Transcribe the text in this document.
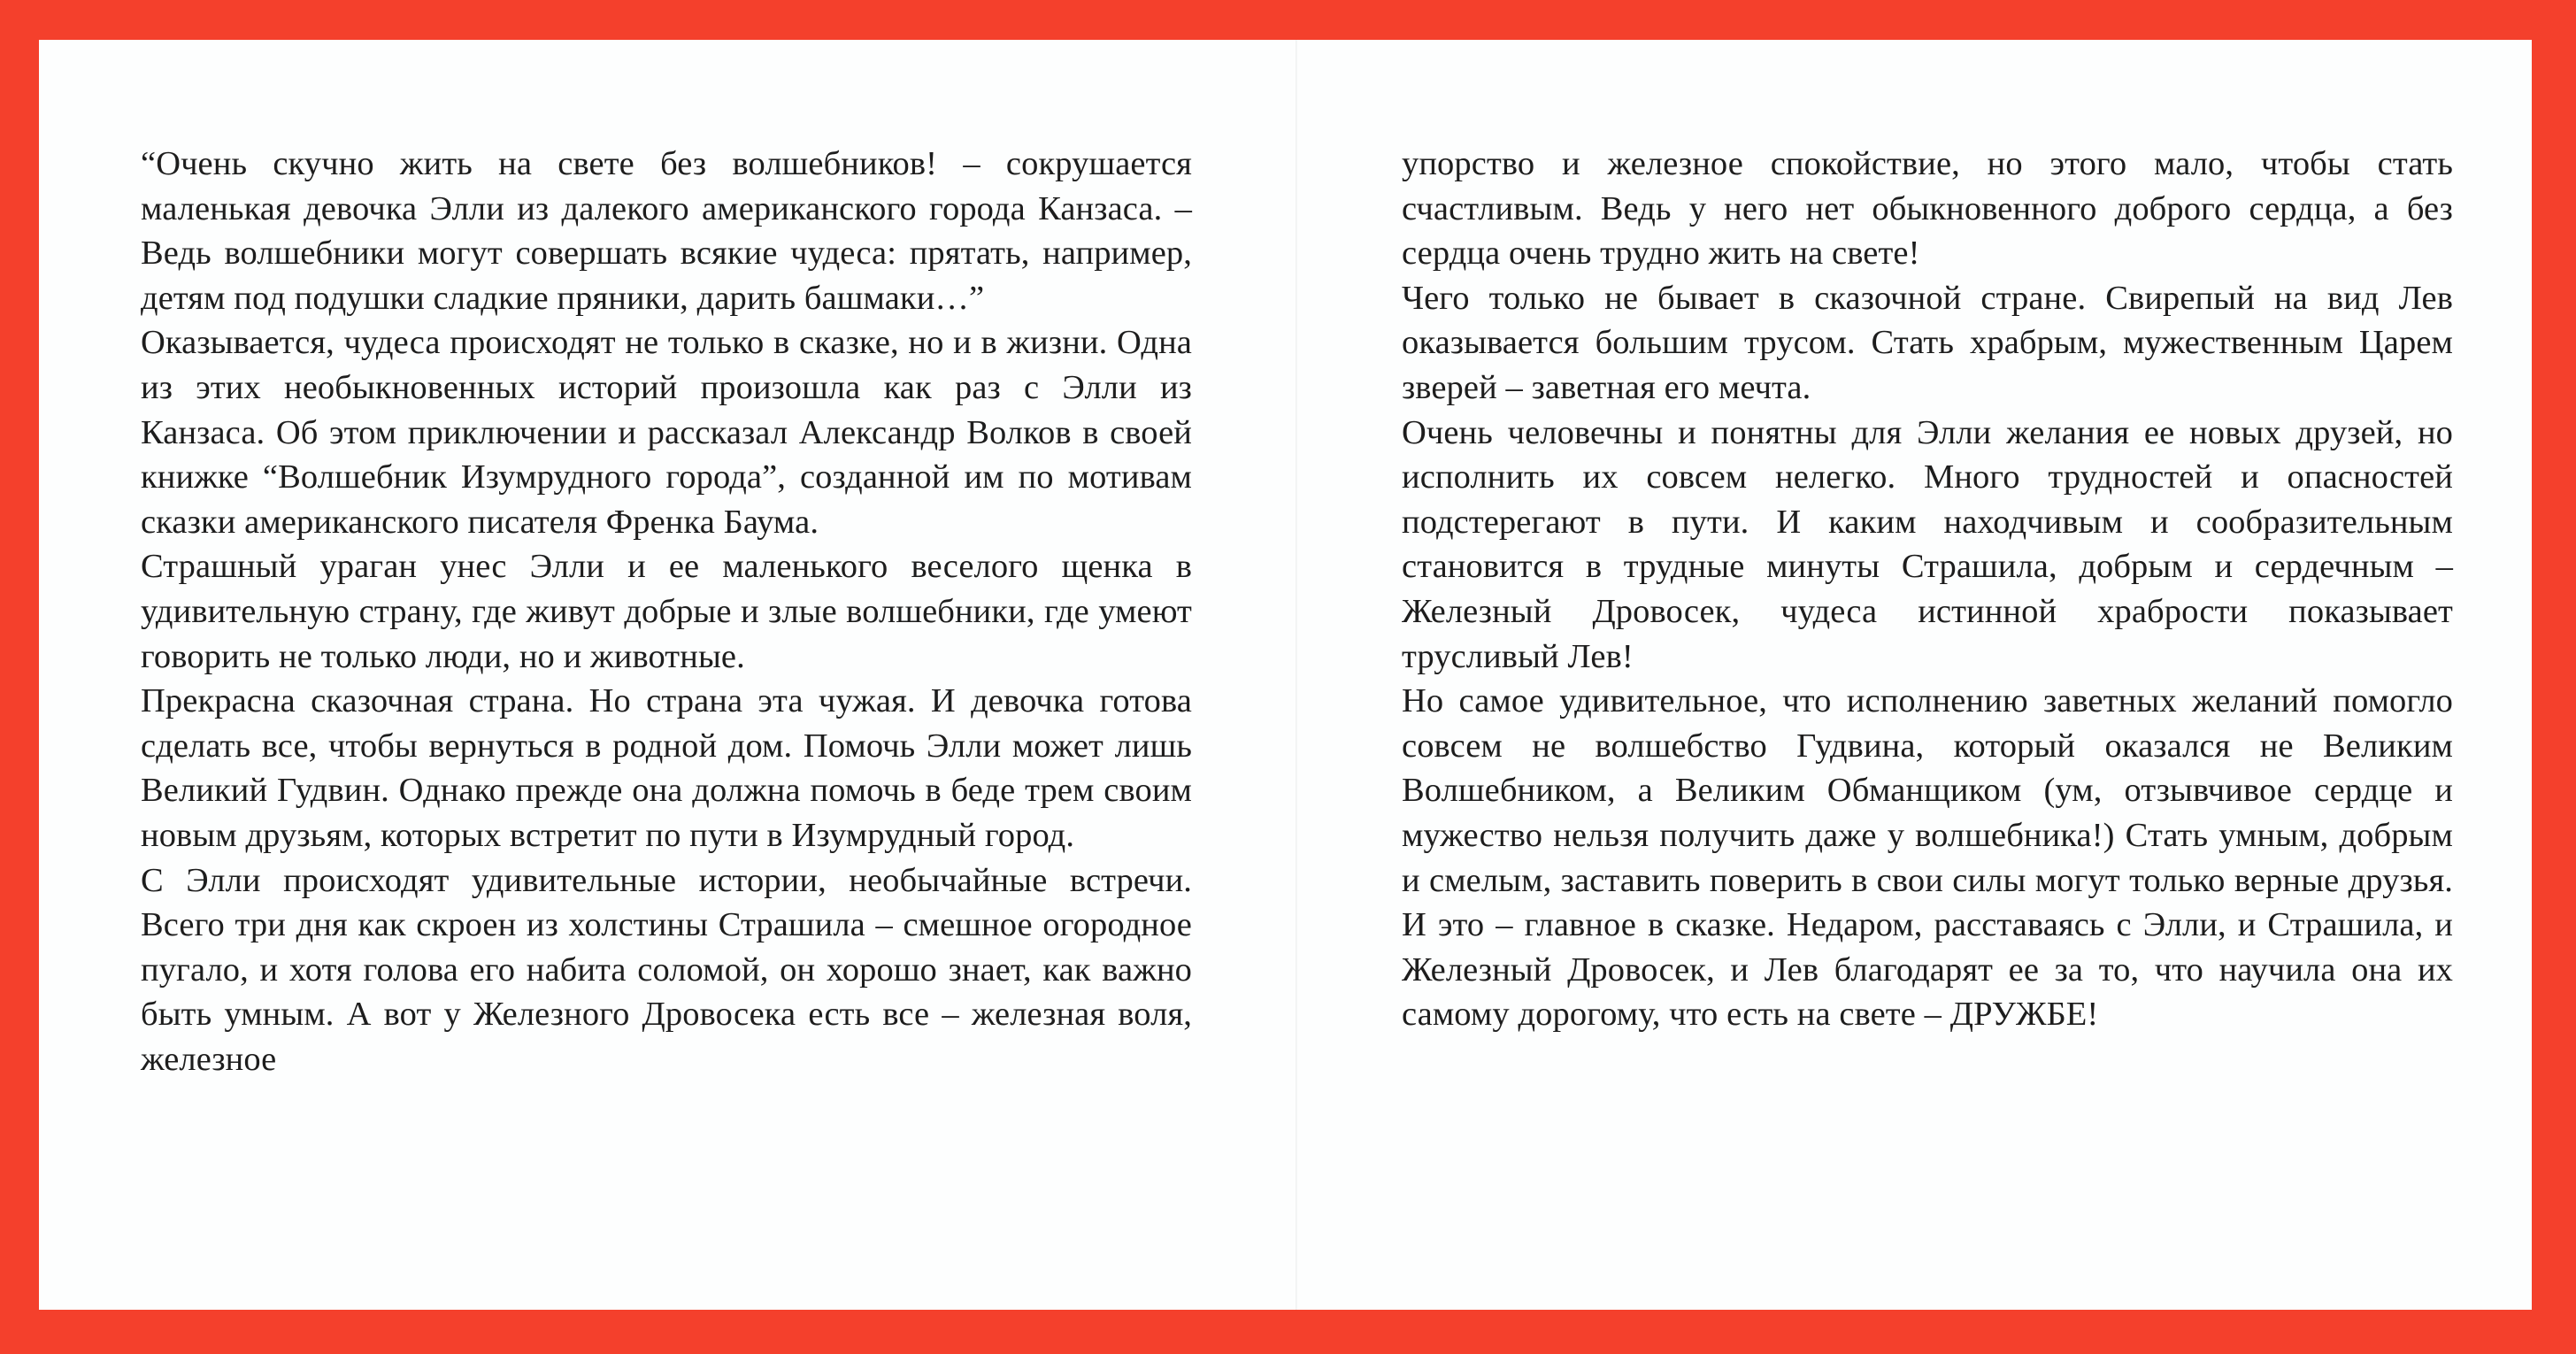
“Очень скучно жить на свете без волшебников! – сокрушается маленькая девочка Элли из далекого американского города Канзаса. – Ведь волшебники могут совершать всякие чудеса: прятать, например, детям под подушки сладкие пряники, дарить башмаки…”

Оказывается, чудеса происходят не только в сказке, но и в жизни. Одна из этих необыкновенных историй произошла как раз с Элли из Канзаса. Об этом приключении и рассказал Александр Волков в своей книжке “Волшебник Изумрудного города”, созданной им по мотивам сказки американского писателя Френка Баума.

Страшный ураган унес Элли и ее маленького веселого щенка в удивительную страну, где живут добрые и злые волшебники, где умеют говорить не только люди, но и животные.

Прекрасна сказочная страна. Но страна эта чужая. И девочка готова сделать все, чтобы вернуться в родной дом. Помочь Элли может лишь Великий Гудвин. Однако прежде она должна помочь в беде трем своим новым друзьям, которых встретит по пути в Изумрудный город.

С Элли происходят удивительные истории, необычайные встречи. Всего три дня как скроен из холстины Страшила – смешное огородное пугало, и хотя голова его набита соломой, он хорошо знает, как важно быть умным. А вот у Железного Дровосека есть все – железная воля, железное

упорство и железное спокойствие, но этого мало, чтобы стать счастливым. Ведь у него нет обыкновенного доброго сердца, а без сердца очень трудно жить на свете!

Чего только не бывает в сказочной стране. Свирепый на вид Лев оказывается большим трусом. Стать храбрым, мужественным Царем зверей – заветная его мечта.

Очень человечны и понятны для Элли желания ее новых друзей, но исполнить их совсем нелегко. Много трудностей и опасностей подстерегают в пути. И каким находчивым и сообразительным становится в трудные минуты Страшила, добрым и сердечным – Железный Дровосек, чудеса истинной храбрости показывает трусливый Лев!

Но самое удивительное, что исполнению заветных желаний помогло совсем не волшебство Гудвина, который оказался не Великим Волшебником, а Великим Обманщиком (ум, отзывчивое сердце и мужество нельзя получить даже у волшебника!) Стать умным, добрым и смелым, заставить поверить в свои силы могут только верные друзья. И это – главное в сказке. Недаром, расставаясь с Элли, и Страшила, и Железный Дровосек, и Лев благодарят ее за то, что научила она их самому дорогому, что есть на свете – ДРУЖБЕ!
